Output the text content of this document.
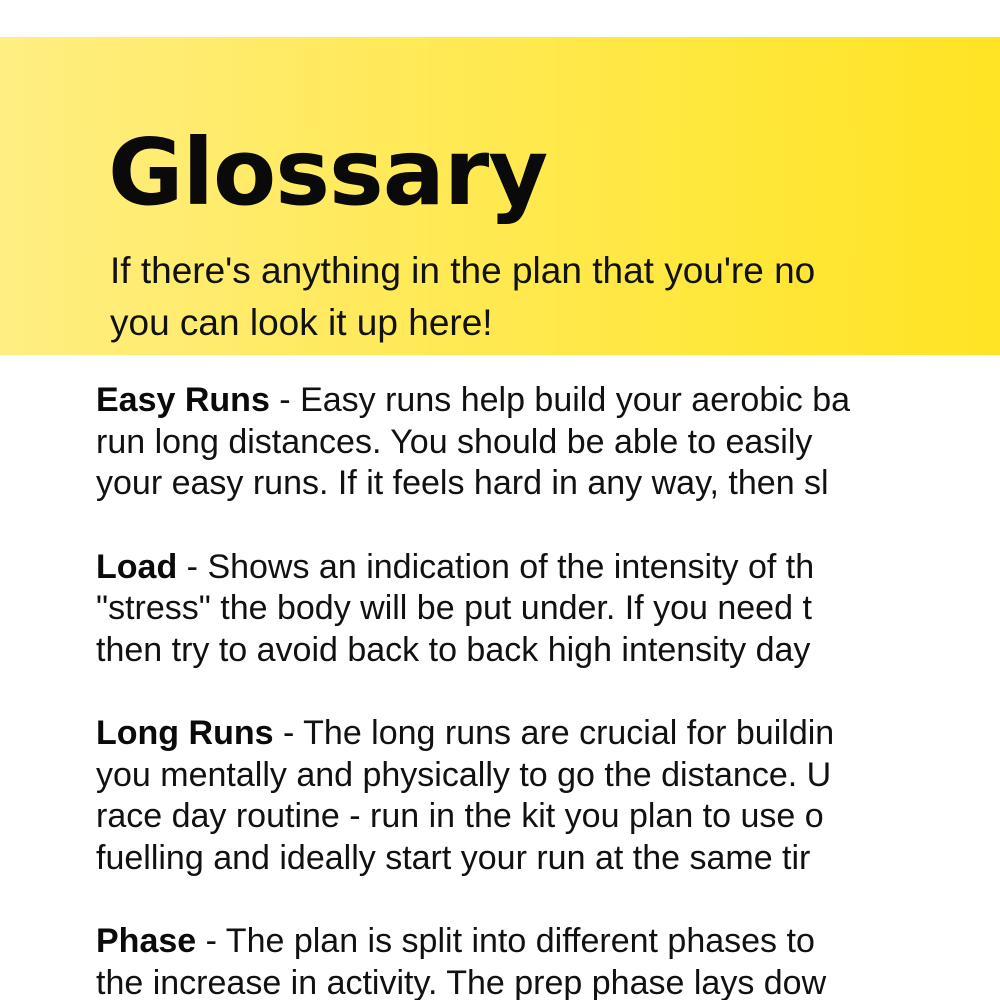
Glossary

If there's anything in the plan that you're no
you can look it up here!

Easy Runs - Easy runs help build your aerobic ba
run long distances. You should be able to easily
your easy runs. If it feels hard in any way, then sl

Load - Shows an indication of the intensity of th
"stress" the body will be put under. If you need t
then try to avoid back to back high intensity day

Long Runs - The long runs are crucial for buildin
you mentally and physically to go the distance. U
race day routine - run in the kit you plan to use o
fuelling and ideally start your run at the same tir

Phase - The plan is split into different phases to
the increase in activity. The prep phase lays dow
